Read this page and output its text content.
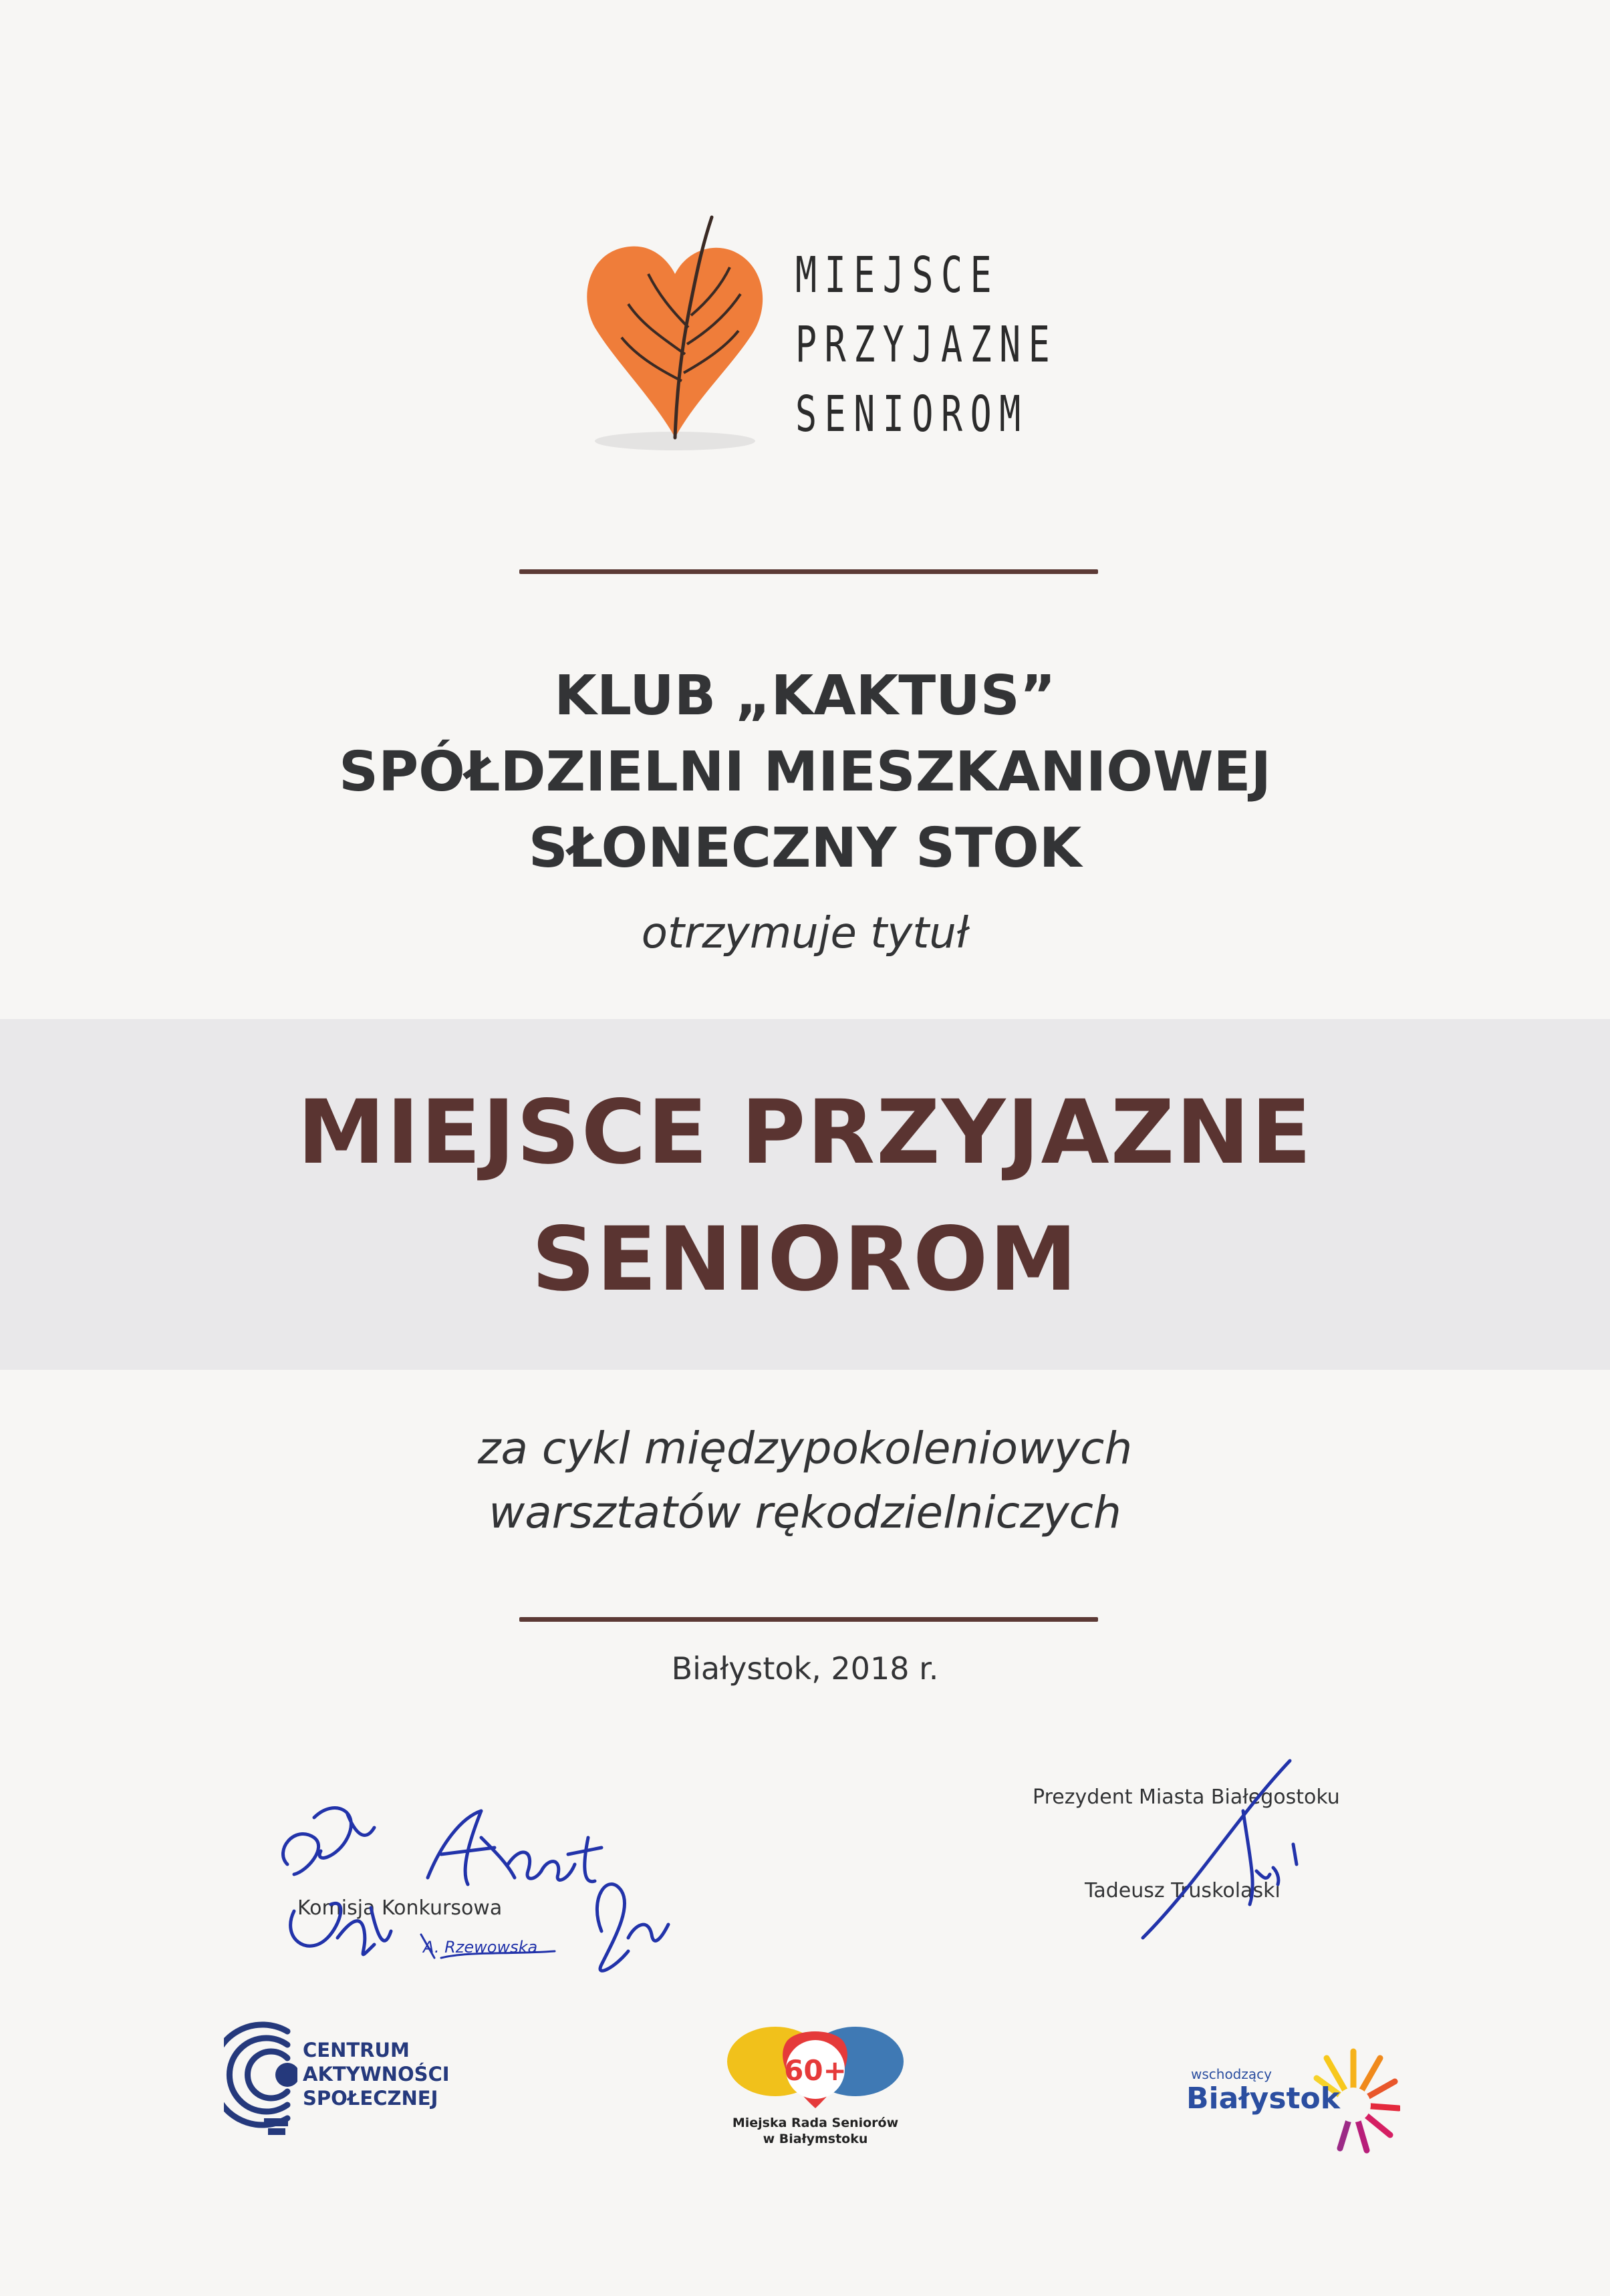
MIEJSCE
PRZYJAZNE
SENIOROM
KLUB „KAKTUS”
SPÓŁDZIELNI MIESZKANIOWEJ
SŁONECZNY STOK
otrzymuje tytuł
MIEJSCE PRZYJAZNE
SENIOROM
za cykl międzypokoleniowych
warsztatów rękodzielniczych
Białystok, 2018 r.
Prezydent Miasta Białegostoku
Tadeusz Truskolaski
Komisja Konkursowa
A. Rzewowska
CENTRUM
AKTYWNOŚCI
SPOŁECZNEJ
60+
Miejska Rada Seniorów
w Białymstoku
wschodzący
Białystok
